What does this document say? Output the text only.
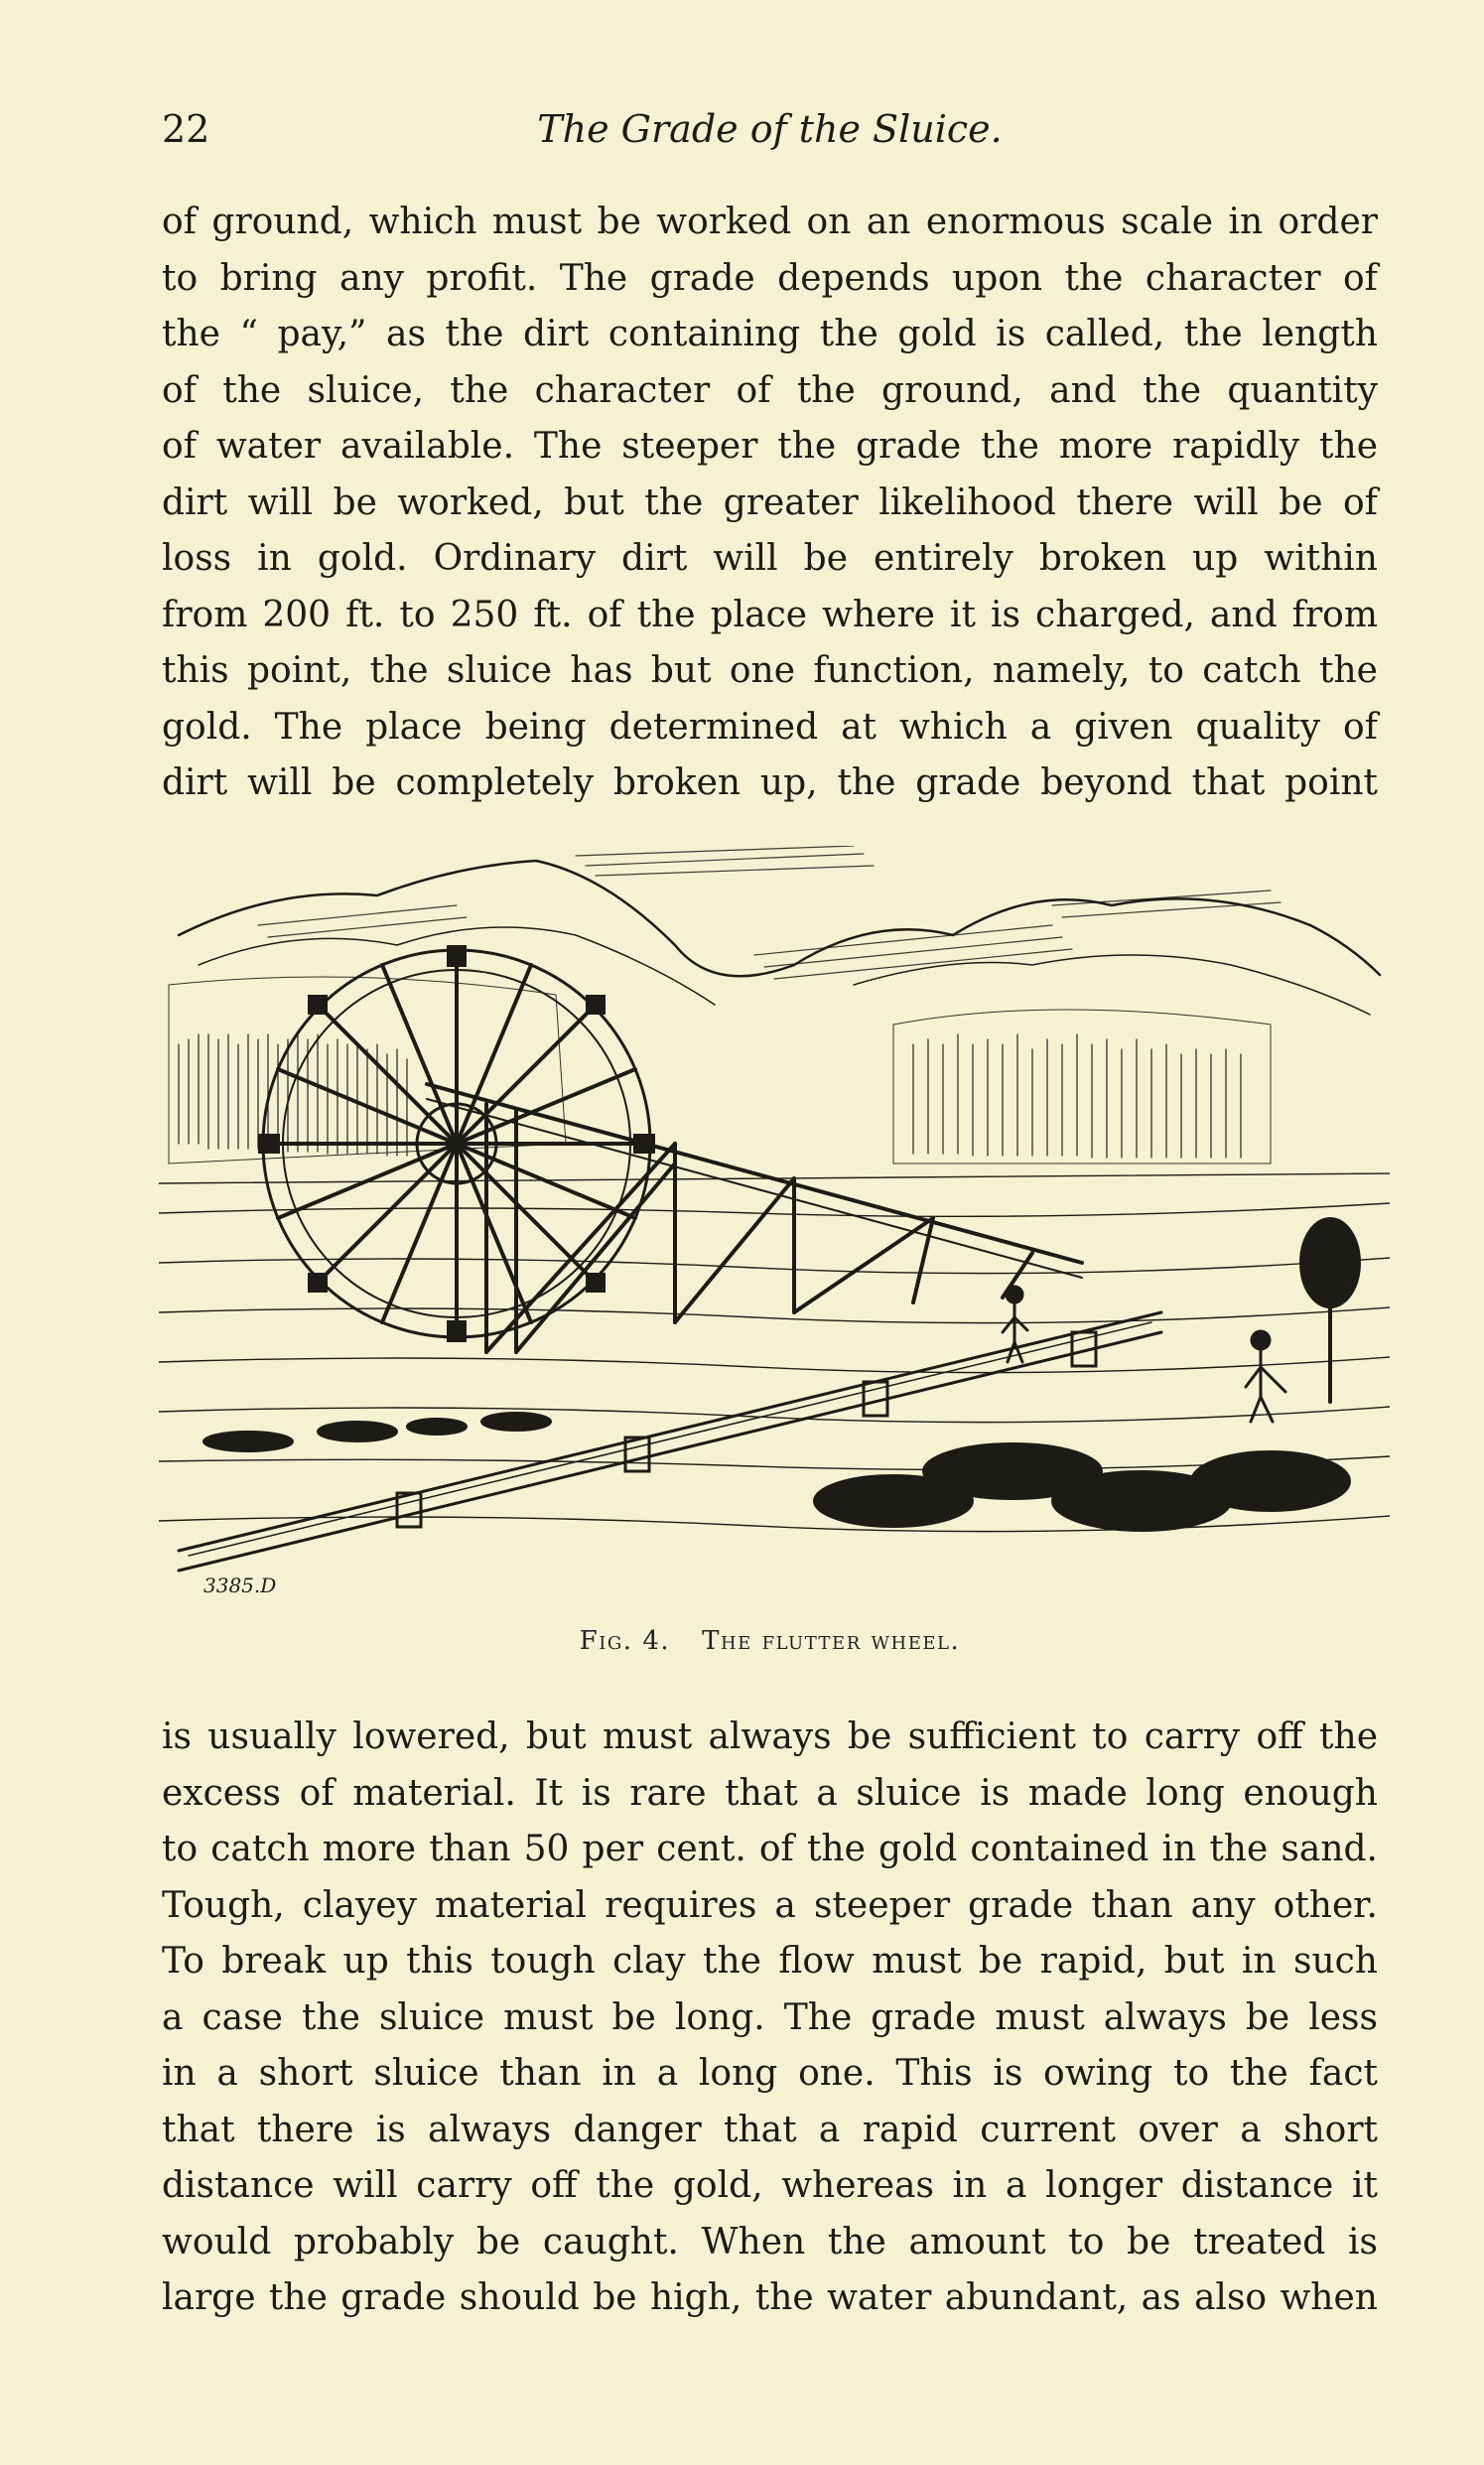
22	The Grade of the Sluice.
of ground, which must be worked on an enormous scale in order
to bring any profit. The grade depends upon the character of
the “ pay,” as the dirt containing the gold is called, the length
of the sluice, the character of the ground, and the quantity
of water available. The steeper the grade the more rapidly the
dirt will be worked, but the greater likelihood there will be of
loss in gold. Ordinary dirt will be entirely broken up within
from 200 ft. to 250 ft. of the place where it is charged, and from
this point, the sluice has but one function, namely, to catch the
gold. The place being determined at which a given quality of
dirt will be completely broken up, the grade beyond that point
3385.D
Fig. 4. The flutter wheel.
is usually lowered, but must always be sufficient to carry off the
excess of material. It is rare that a sluice is made long enough
to catch more than 50 per cent. of the gold contained in the sand.
Tough, clayey material requires a steeper grade than any other.
To break up this tough clay the flow must be rapid, but in such
a case the sluice must be long. The grade must always be less
in a short sluice than in a long one. This is owing to the fact
that there is always danger that a rapid current over a short
distance will carry off the gold, whereas in a longer distance it
would probably be caught. When the amount to be treated is
large the grade should be high, the water abundant, as also when
